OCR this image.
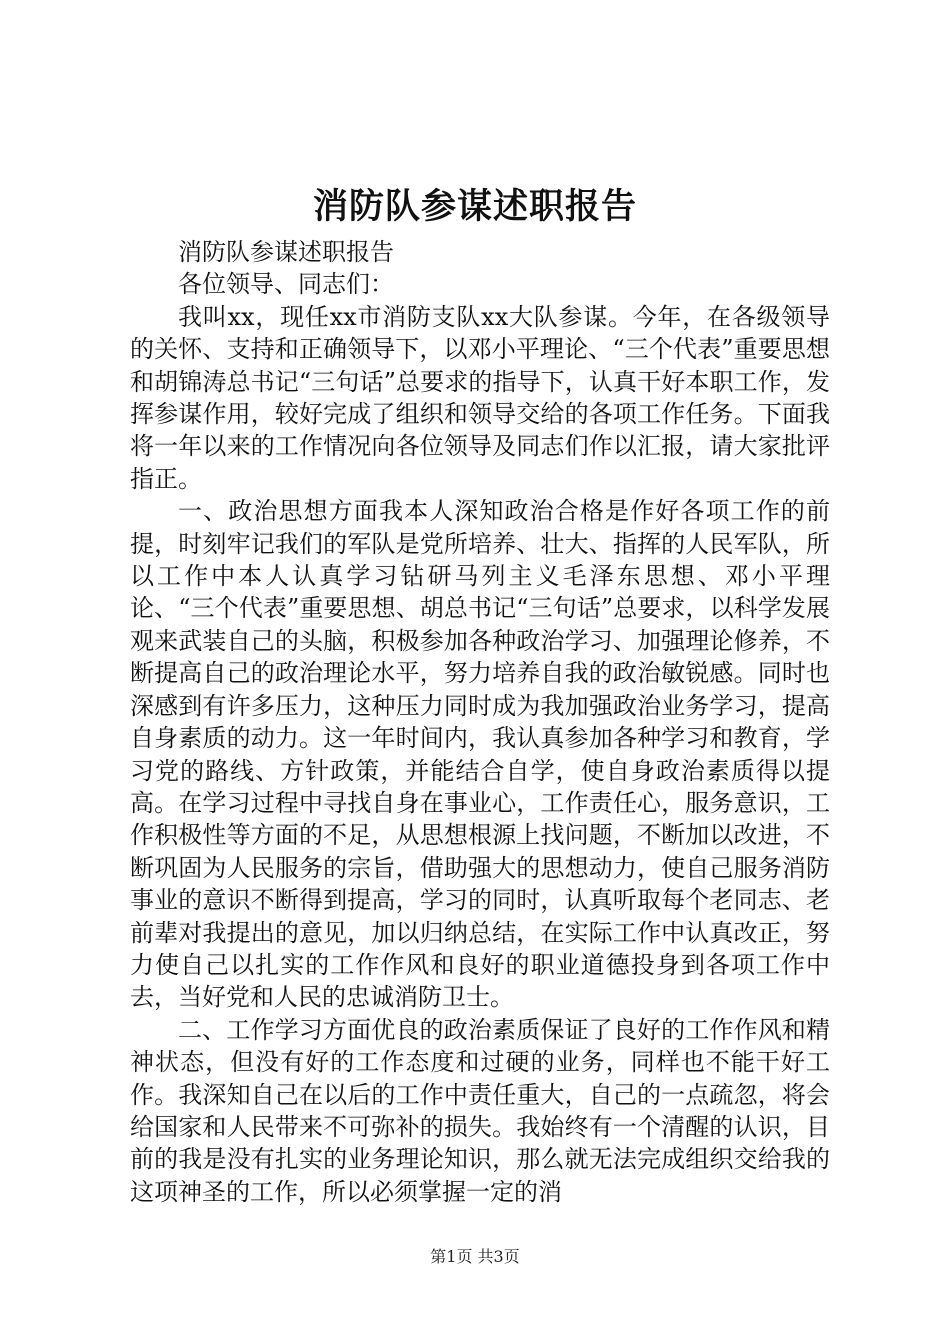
消防队参谋述职报告

消防队参谋述职报告

各位领导、同志们：

我叫xx，现任xx市消防支队xx大队参谋。今年，在各级领导的关怀、支持和正确领导下，以邓小平理论、“三个代表”重要思想和胡锦涛总书记“三句话”总要求的指导下，认真干好本职工作，发挥参谋作用，较好完成了组织和领导交给的各项工作任务。下面我将一年以来的工作情况向各位领导及同志们作以汇报，请大家批评指正。

一、政治思想方面我本人深知政治合格是作好各项工作的前提，时刻牢记我们的军队是党所培养、壮大、指挥的人民军队，所以工作中本人认真学习钻研马列主义毛泽东思想、邓小平理论、“三个代表”重要思想、胡总书记“三句话”总要求，以科学发展观来武装自己的头脑，积极参加各种政治学习、加强理论修养，不断提高自己的政治理论水平，努力培养自我的政治敏锐感。同时也深感到有许多压力，这种压力同时成为我加强政治业务学习，提高自身素质的动力。这一年时间内，我认真参加各种学习和教育，学习党的路线、方针政策，并能结合自学，使自身政治素质得以提高。在学习过程中寻找自身在事业心，工作责任心，服务意识，工作积极性等方面的不足，从思想根源上找问题，不断加以改进，不断巩固为人民服务的宗旨，借助强大的思想动力，使自己服务消防事业的意识不断得到提高，学习的同时，认真听取每个老同志、老前辈对我提出的意见，加以归纳总结，在实际工作中认真改正，努力使自己以扎实的工作作风和良好的职业道德投身到各项工作中去，当好党和人民的忠诚消防卫士。

二、工作学习方面优良的政治素质保证了良好的工作作风和精神状态，但没有好的工作态度和过硬的业务，同样也不能干好工作。我深知自己在以后的工作中责任重大，自己的一点疏忽，将会给国家和人民带来不可弥补的损失。我始终有一个清醒的认识，目前的我是没有扎实的业务理论知识，那么就无法完成组织交给我的这项神圣的工作，所以必须掌握一定的消

第1页 共3页
